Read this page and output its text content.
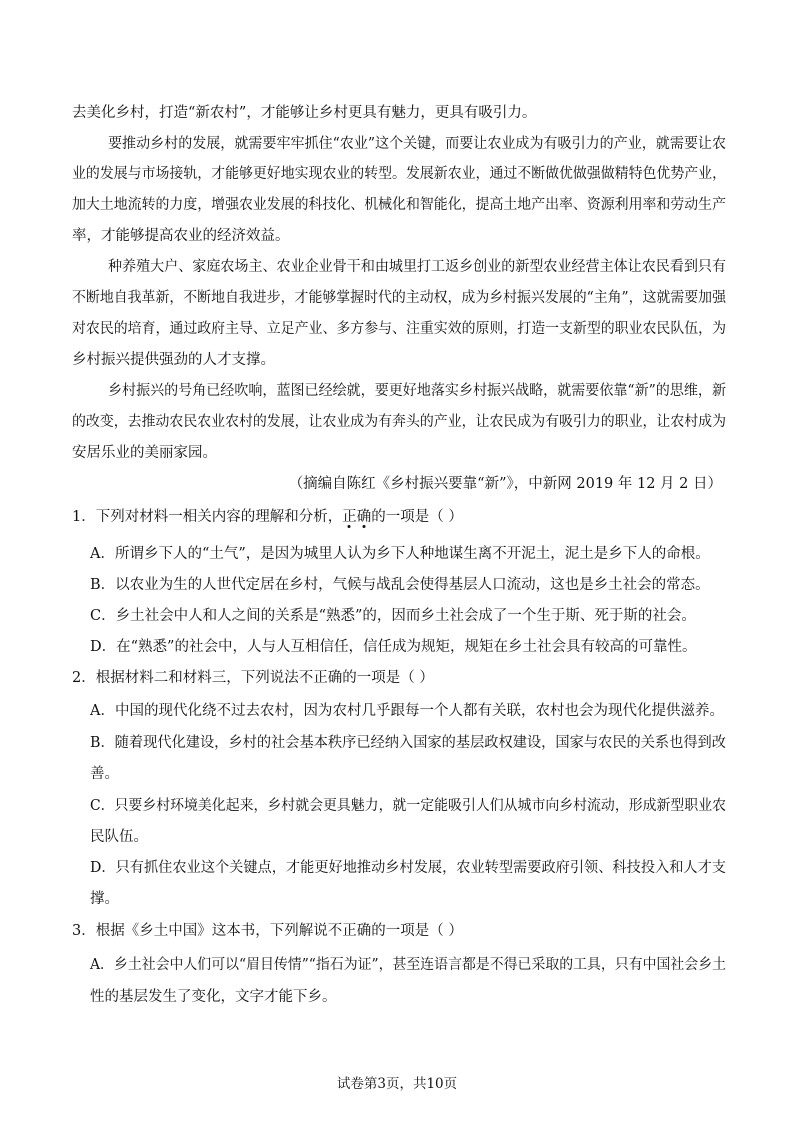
去美化乡村，打造“新农村”，才能够让乡村更具有魅力，更具有吸引力。
要推动乡村的发展，就需要牢牢抓住“农业”这个关键，而要让农业成为有吸引力的产业，就需要让农
业的发展与市场接轨，才能够更好地实现农业的转型。发展新农业，通过不断做优做强做精特色优势产业，
加大土地流转的力度，增强农业发展的科技化、机械化和智能化，提高土地产出率、资源利用率和劳动生产
率，才能够提高农业的经济效益。
种养殖大户、家庭农场主、农业企业骨干和由城里打工返乡创业的新型农业经营主体让农民看到只有
不断地自我革新，不断地自我进步，才能够掌握时代的主动权，成为乡村振兴发展的“主角”，这就需要加强
对农民的培育，通过政府主导、立足产业、多方参与、注重实效的原则，打造一支新型的职业农民队伍，为
乡村振兴提供强劲的人才支撑。
乡村振兴的号角已经吹响，蓝图已经绘就，要更好地落实乡村振兴战略，就需要依靠“新”的思维，新
的改变，去推动农民农业农村的发展，让农业成为有奔头的产业，让农民成为有吸引力的职业，让农村成为
安居乐业的美丽家园。
（摘编自陈红《乡村振兴要靠“新”》，中新网 2019 年 12 月 2 日）
1．下列对材料一相关内容的理解和分析，正确的一项是（ ）
A．所谓乡下人的“土气”，是因为城里人认为乡下人种地谋生离不开泥土，泥土是乡下人的命根。
B．以农业为生的人世代定居在乡村，气候与战乱会使得基层人口流动，这也是乡土社会的常态。
C．乡土社会中人和人之间的关系是“熟悉”的，因而乡土社会成了一个生于斯、死于斯的社会。
D．在“熟悉”的社会中，人与人互相信任，信任成为规矩，规矩在乡土社会具有较高的可靠性。
2．根据材料二和材料三，下列说法不正确的一项是（ ）
A．中国的现代化绕不过去农村，因为农村几乎跟每一个人都有关联，农村也会为现代化提供滋养。
B．随着现代化建设，乡村的社会基本秩序已经纳入国家的基层政权建设，国家与农民的关系也得到改
善。
C．只要乡村环境美化起来，乡村就会更具魅力，就一定能吸引人们从城市向乡村流动，形成新型职业农
民队伍。
D．只有抓住农业这个关键点，才能更好地推动乡村发展，农业转型需要政府引领、科技投入和人才支
撑。
3．根据《乡土中国》这本书，下列解说不正确的一项是（ ）
A．乡土社会中人们可以“眉目传情”“指石为证”，甚至连语言都是不得已采取的工具，只有中国社会乡土
性的基层发生了变化，文字才能下乡。
试卷第3页，共10页
